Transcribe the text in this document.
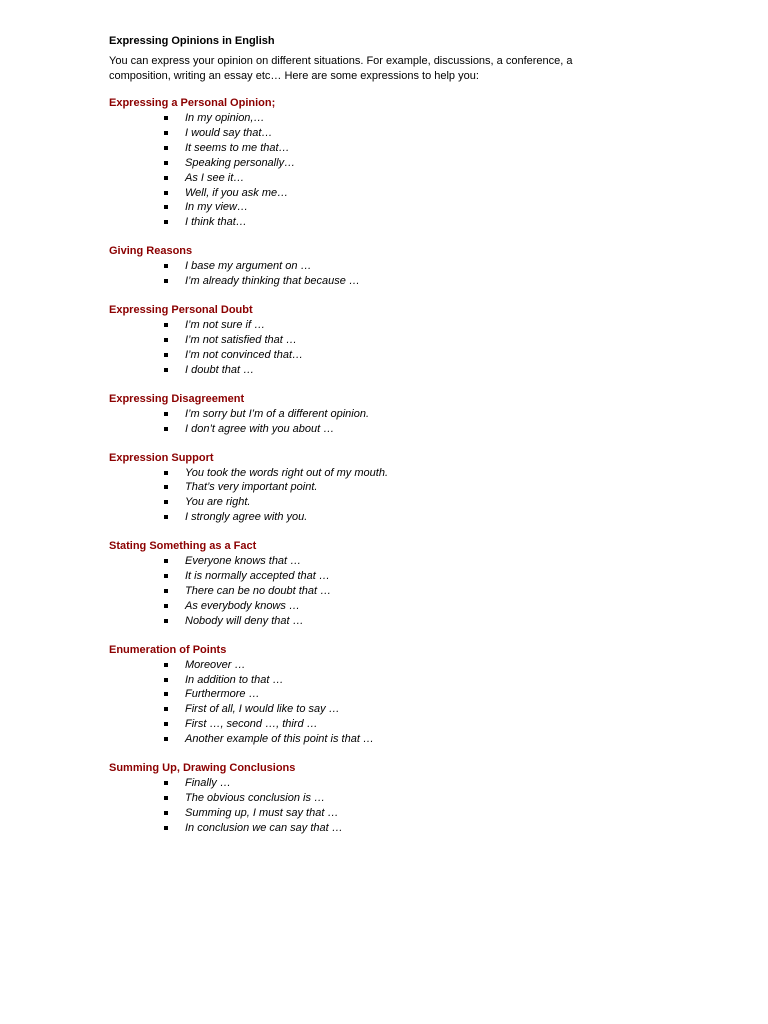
Expressing Opinions in English

You can express your opinion on different situations. For example, discussions, a conference, a composition, writing an essay etc… Here are some expressions to help you:

Expressing a Personal Opinion;
In my opinion,…
I would say that…
It seems to me that…
Speaking personally…
As I see it…
Well, if you ask me…
In my view…
I think that…
Giving Reasons
I base my argument on …
I’m already thinking that because …
Expressing Personal Doubt
I’m not sure if …
I’m not satisfied that …
I’m not convinced that…
I doubt that …
Expressing Disagreement
I’m sorry but I’m of a different opinion.
I don’t agree with you about …
Expression Support
You took the words right out of my mouth.
That’s very important point.
You are right.
I strongly agree with you.
Stating Something as a Fact
Everyone knows that …
It is normally accepted that …
There can be no doubt that …
As everybody knows …
Nobody will deny that …
Enumeration of Points
Moreover …
In addition to that …
Furthermore …
First of all, I would like to say …
First …, second …, third …
Another example of this point is that …
Summing Up, Drawing Conclusions
Finally …
The obvious conclusion is …
Summing up, I must say that …
In conclusion we can say that …
